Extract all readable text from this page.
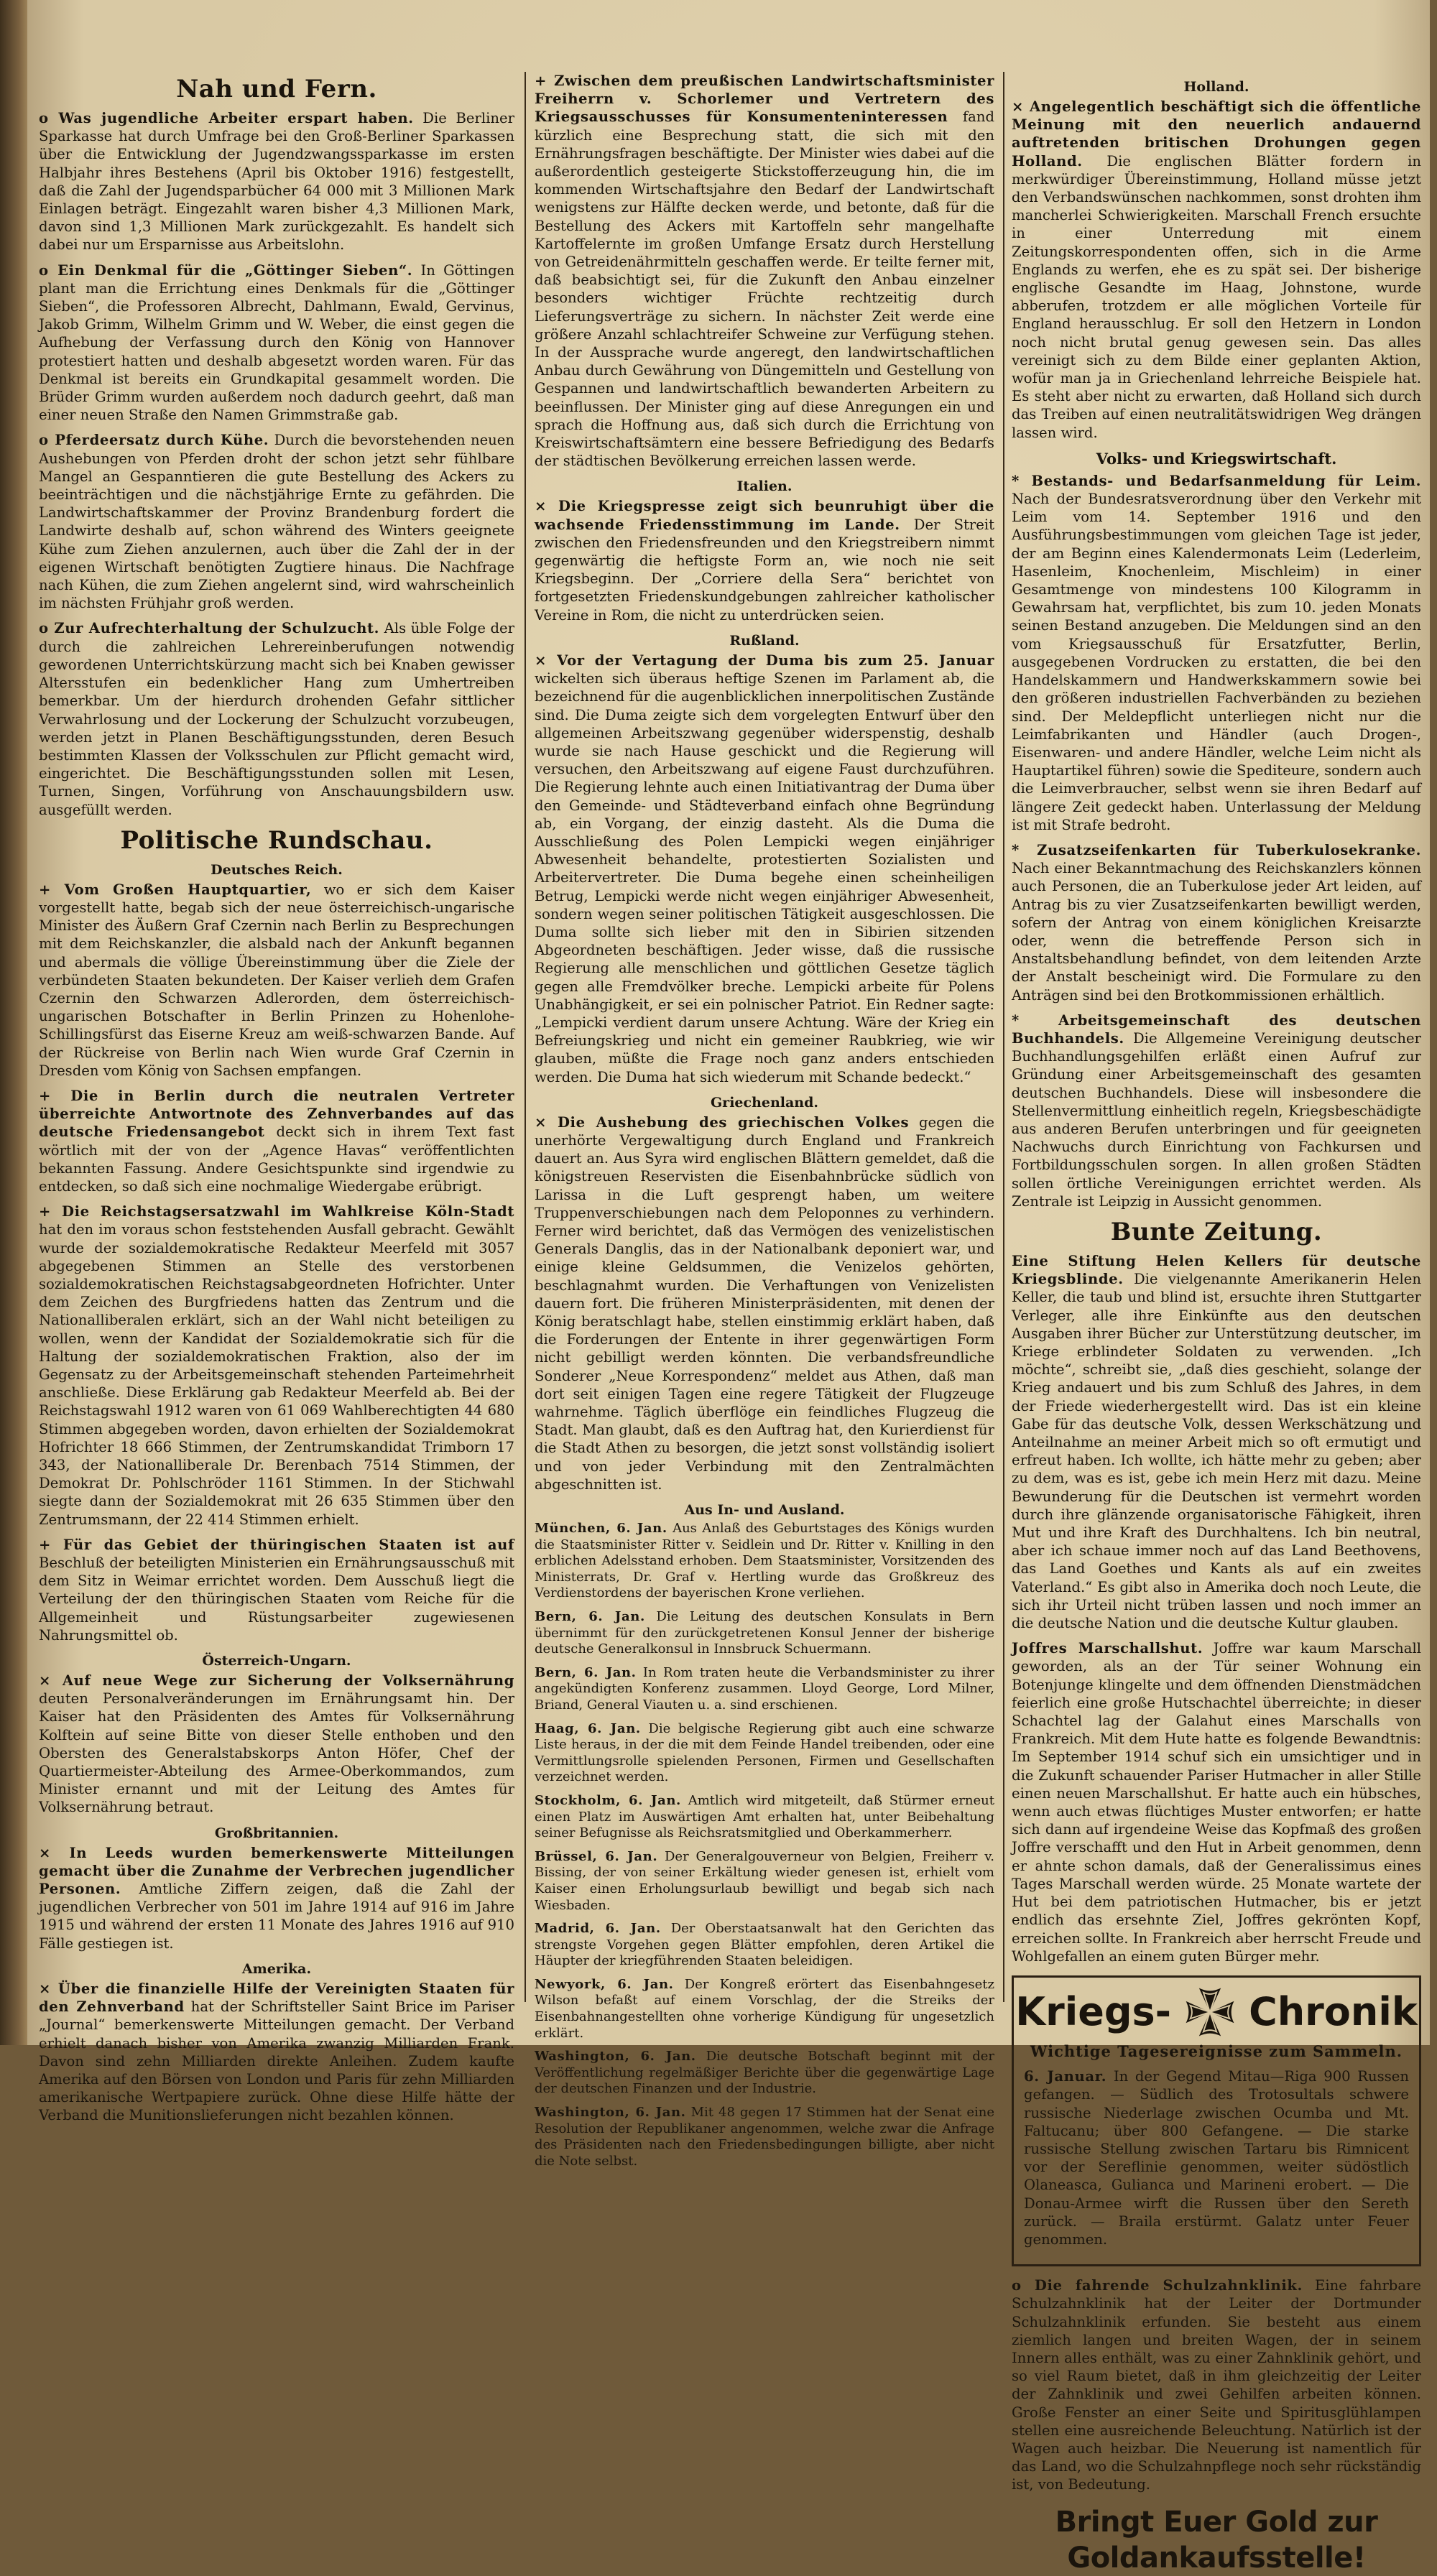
Nah und Fern.

o Was jugendliche Arbeiter erspart haben. Die Berliner Sparkasse hat durch Umfrage bei den Groß-Berliner Sparkassen über die Entwicklung der Jugendzwangssparkasse im ersten Halbjahr ihres Bestehens (April bis Oktober 1916) festgestellt, daß die Zahl der Jugendsparbücher 64 000 mit 3 Millionen Mark Einlagen beträgt. Eingezahlt waren bisher 4,3 Millionen Mark, davon sind 1,3 Millionen Mark zurückgezahlt. Es handelt sich dabei nur um Ersparnisse aus Arbeitslohn.

o Ein Denkmal für die „Göttinger Sieben“. In Göttingen plant man die Errichtung eines Denkmals für die „Göttinger Sieben“, die Professoren Albrecht, Dahlmann, Ewald, Gervinus, Jakob Grimm, Wilhelm Grimm und W. Weber, die einst gegen die Aufhebung der Verfassung durch den König von Hannover protestiert hatten und deshalb abgesetzt worden waren. Für das Denkmal ist bereits ein Grundkapital gesammelt worden. Die Brüder Grimm wurden außerdem noch dadurch geehrt, daß man einer neuen Straße den Namen Grimmstraße gab.

o Pferdeersatz durch Kühe. Durch die bevorstehenden neuen Aushebungen von Pferden droht der schon jetzt sehr fühlbare Mangel an Gespanntieren die gute Bestellung des Ackers zu beeinträchtigen und die nächstjährige Ernte zu gefährden. Die Landwirtschaftskammer der Provinz Brandenburg fordert die Landwirte deshalb auf, schon während des Winters geeignete Kühe zum Ziehen anzulernen, auch über die Zahl der in der eigenen Wirtschaft benötigten Zugtiere hinaus. Die Nachfrage nach Kühen, die zum Ziehen angelernt sind, wird wahrscheinlich im nächsten Frühjahr groß werden.

o Zur Aufrechterhaltung der Schulzucht. Als üble Folge der durch die zahlreichen Lehrereinberufungen notwendig gewordenen Unterrichtskürzung macht sich bei Knaben gewisser Altersstufen ein bedenklicher Hang zum Umhertreiben bemerkbar. Um der hierdurch drohenden Gefahr sittlicher Verwahrlosung und der Lockerung der Schulzucht vorzubeugen, werden jetzt in Planen Beschäftigungsstunden, deren Besuch bestimmten Klassen der Volksschulen zur Pflicht gemacht wird, eingerichtet. Die Beschäftigungsstunden sollen mit Lesen, Turnen, Singen, Vorführung von Anschauungsbildern usw. ausgefüllt werden.

Politische Rundschau.
Deutsches Reich.

+ Vom Großen Hauptquartier, wo er sich dem Kaiser vorgestellt hatte, begab sich der neue österreichisch-ungarische Minister des Äußern Graf Czernin nach Berlin zu Besprechungen mit dem Reichskanzler, die alsbald nach der Ankunft begannen und abermals die völlige Übereinstimmung über die Ziele der verbündeten Staaten bekundeten. Der Kaiser verlieh dem Grafen Czernin den Schwarzen Adlerorden, dem österreichisch-ungarischen Botschafter in Berlin Prinzen zu Hohenlohe-Schillingsfürst das Eiserne Kreuz am weiß-schwarzen Bande. Auf der Rückreise von Berlin nach Wien wurde Graf Czernin in Dresden vom König von Sachsen empfangen.

+ Die in Berlin durch die neutralen Vertreter überreichte Antwortnote des Zehnverbandes auf das deutsche Friedensangebot deckt sich in ihrem Text fast wörtlich mit der von der „Agence Havas“ veröffentlichten bekannten Fassung. Andere Gesichtspunkte sind irgendwie zu entdecken, so daß sich eine nochmalige Wiedergabe erübrigt.

+ Die Reichstagsersatzwahl im Wahlkreise Köln-Stadt hat den im voraus schon feststehenden Ausfall gebracht. Gewählt wurde der sozialdemokratische Redakteur Meerfeld mit 3057 abgegebenen Stimmen an Stelle des verstorbenen sozialdemokratischen Reichstagsabgeordneten Hofrichter. Unter dem Zeichen des Burgfriedens hatten das Zentrum und die Nationalliberalen erklärt, sich an der Wahl nicht beteiligen zu wollen, wenn der Kandidat der Sozialdemokratie sich für die Haltung der sozialdemokratischen Fraktion, also der im Gegensatz zu der Arbeitsgemeinschaft stehenden Parteimehrheit anschließe. Diese Erklärung gab Redakteur Meerfeld ab. Bei der Reichstagswahl 1912 waren von 61 069 Wahlberechtigten 44 680 Stimmen abgegeben worden, davon erhielten der Sozialdemokrat Hofrichter 18 666 Stimmen, der Zentrumskandidat Trimborn 17 343, der Nationalliberale Dr. Berenbach 7514 Stimmen, der Demokrat Dr. Pohlschröder 1161 Stimmen. In der Stichwahl siegte dann der Sozialdemokrat mit 26 635 Stimmen über den Zentrumsmann, der 22 414 Stimmen erhielt.

+ Für das Gebiet der thüringischen Staaten ist auf Beschluß der beteiligten Ministerien ein Ernährungsausschuß mit dem Sitz in Weimar errichtet worden. Dem Ausschuß liegt die Verteilung der den thüringischen Staaten vom Reiche für die Allgemeinheit und Rüstungsarbeiter zugewiesenen Nahrungsmittel ob.

Österreich-Ungarn.

× Auf neue Wege zur Sicherung der Volksernährung deuten Personalveränderungen im Ernährungsamt hin. Der Kaiser hat den Präsidenten des Amtes für Volksernährung Kolftein auf seine Bitte von dieser Stelle enthoben und den Obersten des Generalstabskorps Anton Höfer, Chef der Quartiermeister-Abteilung des Armee-Oberkommandos, zum Minister ernannt und mit der Leitung des Amtes für Volksernährung betraut.

Großbritannien.

× In Leeds wurden bemerkenswerte Mitteilungen gemacht über die Zunahme der Verbrechen jugendlicher Personen. Amtliche Ziffern zeigen, daß die Zahl der jugendlichen Verbrecher von 501 im Jahre 1914 auf 916 im Jahre 1915 und während der ersten 11 Monate des Jahres 1916 auf 910 Fälle gestiegen ist.

Amerika.

× Über die finanzielle Hilfe der Vereinigten Staaten für den Zehnverband hat der Schriftsteller Saint Brice im Pariser „Journal“ bemerkenswerte Mitteilungen gemacht. Der Verband erhielt danach bisher von Amerika zwanzig Milliarden Frank. Davon sind zehn Milliarden direkte Anleihen. Zudem kaufte Amerika auf den Börsen von London und Paris für zehn Milliarden amerikanische Wertpapiere zurück. Ohne diese Hilfe hätte der Verband die Munitionslieferungen nicht bezahlen können.

+ Zwischen dem preußischen Landwirtschaftsminister Freiherrn v. Schorlemer und Vertretern des Kriegsausschusses für Konsumenteninteressen fand kürzlich eine Besprechung statt, die sich mit den Ernährungsfragen beschäftigte. Der Minister wies dabei auf die außerordentlich gesteigerte Stickstofferzeugung hin, die im kommenden Wirtschaftsjahre den Bedarf der Landwirtschaft wenigstens zur Hälfte decken werde, und betonte, daß für die Bestellung des Ackers mit Kartoffeln sehr mangelhafte Kartoffelernte im großen Umfange Ersatz durch Herstellung von Getreidenährmitteln geschaffen werde. Er teilte ferner mit, daß beabsichtigt sei, für die Zukunft den Anbau einzelner besonders wichtiger Früchte rechtzeitig durch Lieferungsverträge zu sichern. In nächster Zeit werde eine größere Anzahl schlachtreifer Schweine zur Verfügung stehen. In der Aussprache wurde angeregt, den landwirtschaftlichen Anbau durch Gewährung von Düngemitteln und Gestellung von Gespannen und landwirtschaftlich bewanderten Arbeitern zu beeinflussen. Der Minister ging auf diese Anregungen ein und sprach die Hoffnung aus, daß sich durch die Errichtung von Kreiswirtschaftsämtern eine bessere Befriedigung des Bedarfs der städtischen Bevölkerung erreichen lassen werde.

Italien.

× Die Kriegspresse zeigt sich beunruhigt über die wachsende Friedensstimmung im Lande. Der Streit zwischen den Friedensfreunden und den Kriegstreibern nimmt gegenwärtig die heftigste Form an, wie noch nie seit Kriegsbeginn. Der „Corriere della Sera“ berichtet von fortgesetzten Friedenskundgebungen zahlreicher katholischer Vereine in Rom, die nicht zu unterdrücken seien.

Rußland.

× Vor der Vertagung der Duma bis zum 25. Januar wickelten sich überaus heftige Szenen im Parlament ab, die bezeichnend für die augenblicklichen innerpolitischen Zustände sind. Die Duma zeigte sich dem vorgelegten Entwurf über den allgemeinen Arbeitszwang gegenüber widerspenstig, deshalb wurde sie nach Hause geschickt und die Regierung will versuchen, den Arbeitszwang auf eigene Faust durchzuführen. Die Regierung lehnte auch einen Initiativantrag der Duma über den Gemeinde- und Städteverband einfach ohne Begründung ab, ein Vorgang, der einzig dasteht. Als die Duma die Ausschließung des Polen Lempicki wegen einjähriger Abwesenheit behandelte, protestierten Sozialisten und Arbeitervertreter. Die Duma begehe einen scheinheiligen Betrug, Lempicki werde nicht wegen einjähriger Abwesenheit, sondern wegen seiner politischen Tätigkeit ausgeschlossen. Die Duma sollte sich lieber mit den in Sibirien sitzenden Abgeordneten beschäftigen. Jeder wisse, daß die russische Regierung alle menschlichen und göttlichen Gesetze täglich gegen alle Fremdvölker breche. Lempicki arbeite für Polens Unabhängigkeit, er sei ein polnischer Patriot. Ein Redner sagte: „Lempicki verdient darum unsere Achtung. Wäre der Krieg ein Befreiungskrieg und nicht ein gemeiner Raubkrieg, wie wir glauben, müßte die Frage noch ganz anders entschieden werden. Die Duma hat sich wiederum mit Schande bedeckt.“

Griechenland.

× Die Aushebung des griechischen Volkes gegen die unerhörte Vergewaltigung durch England und Frankreich dauert an. Aus Syra wird englischen Blättern gemeldet, daß die königstreuen Reservisten die Eisenbahnbrücke südlich von Larissa in die Luft gesprengt haben, um weitere Truppenverschiebungen nach dem Peloponnes zu verhindern. Ferner wird berichtet, daß das Vermögen des venizelistischen Generals Danglis, das in der Nationalbank deponiert war, und einige kleine Geldsummen, die Venizelos gehörten, beschlagnahmt wurden. Die Verhaftungen von Venizelisten dauern fort. Die früheren Ministerpräsidenten, mit denen der König beratschlagt habe, stellen einstimmig erklärt haben, daß die Forderungen der Entente in ihrer gegenwärtigen Form nicht gebilligt werden könnten. Die verbandsfreundliche Sonderer „Neue Korrespondenz“ meldet aus Athen, daß man dort seit einigen Tagen eine regere Tätigkeit der Flugzeuge wahrnehme. Täglich überflöge ein feindliches Flugzeug die Stadt. Man glaubt, daß es den Auftrag hat, den Kurierdienst für die Stadt Athen zu besorgen, die jetzt sonst vollständig isoliert und von jeder Verbindung mit den Zentralmächten abgeschnitten ist.

Aus In- und Ausland.

München, 6. Jan. Aus Anlaß des Geburtstages des Königs wurden die Staatsminister Ritter v. Seidlein und Dr. Ritter v. Knilling in den erblichen Adelsstand erhoben. Dem Staatsminister, Vorsitzenden des Ministerrats, Dr. Graf v. Hertling wurde das Großkreuz des Verdienstordens der bayerischen Krone verliehen.

Bern, 6. Jan. Die Leitung des deutschen Konsulats in Bern übernimmt für den zurückgetretenen Konsul Jenner der bisherige deutsche Generalkonsul in Innsbruck Schuermann.

Bern, 6. Jan. In Rom traten heute die Verbandsminister zu ihrer angekündigten Konferenz zusammen. Lloyd George, Lord Milner, Briand, General Viauten u. a. sind erschienen.

Haag, 6. Jan. Die belgische Regierung gibt auch eine schwarze Liste heraus, in der die mit dem Feinde Handel treibenden, oder eine Vermittlungsrolle spielenden Personen, Firmen und Gesellschaften verzeichnet werden.

Stockholm, 6. Jan. Amtlich wird mitgeteilt, daß Stürmer erneut einen Platz im Auswärtigen Amt erhalten hat, unter Beibehaltung seiner Befugnisse als Reichsratsmitglied und Oberkammerherr.

Brüssel, 6. Jan. Der Generalgouverneur von Belgien, Freiherr v. Bissing, der von seiner Erkältung wieder genesen ist, erhielt vom Kaiser einen Erholungsurlaub bewilligt und begab sich nach Wiesbaden.

Madrid, 6. Jan. Der Oberstaatsanwalt hat den Gerichten das strengste Vorgehen gegen Blätter empfohlen, deren Artikel die Häupter der kriegführenden Staaten beleidigen.

Newyork, 6. Jan. Der Kongreß erörtert das Eisenbahngesetz Wilson befaßt auf einem Vorschlag, der die Streiks der Eisenbahnangestellten ohne vorherige Kündigung für ungesetzlich erklärt.

Washington, 6. Jan. Die deutsche Botschaft beginnt mit der Veröffentlichung regelmäßiger Berichte über die gegenwärtige Lage der deutschen Finanzen und der Industrie.

Washington, 6. Jan. Mit 48 gegen 17 Stimmen hat der Senat eine Resolution der Republikaner angenommen, welche zwar die Anfrage des Präsidenten nach den Friedensbedingungen billigte, aber nicht die Note selbst.

Holland.

× Angelegentlich beschäftigt sich die öffentliche Meinung mit den neuerlich andauernd auftretenden britischen Drohungen gegen Holland. Die englischen Blätter fordern in merkwürdiger Übereinstimmung, Holland müsse jetzt den Verbandswünschen nachkommen, sonst drohten ihm mancherlei Schwierigkeiten. Marschall French ersuchte in einer Unterredung mit einem Zeitungskorrespondenten offen, sich in die Arme Englands zu werfen, ehe es zu spät sei. Der bisherige englische Gesandte im Haag, Johnstone, wurde abberufen, trotzdem er alle möglichen Vorteile für England herausschlug. Er soll den Hetzern in London noch nicht brutal genug gewesen sein. Das alles vereinigt sich zu dem Bilde einer geplanten Aktion, wofür man ja in Griechenland lehrreiche Beispiele hat. Es steht aber nicht zu erwarten, daß Holland sich durch das Treiben auf einen neutralitätswidrigen Weg drängen lassen wird.

Volks- und Kriegswirtschaft.

* Bestands- und Bedarfsanmeldung für Leim. Nach der Bundesratsverordnung über den Verkehr mit Leim vom 14. September 1916 und den Ausführungsbestimmungen vom gleichen Tage ist jeder, der am Beginn eines Kalendermonats Leim (Lederleim, Hasenleim, Knochenleim, Mischleim) in einer Gesamtmenge von mindestens 100 Kilogramm in Gewahrsam hat, verpflichtet, bis zum 10. jeden Monats seinen Bestand anzugeben. Die Meldungen sind an den vom Kriegsausschuß für Ersatzfutter, Berlin, ausgegebenen Vordrucken zu erstatten, die bei den Handelskammern und Handwerkskammern sowie bei den größeren industriellen Fachverbänden zu beziehen sind. Der Meldepflicht unterliegen nicht nur die Leimfabrikanten und Händler (auch Drogen-, Eisenwaren- und andere Händler, welche Leim nicht als Hauptartikel führen) sowie die Spediteure, sondern auch die Leimverbraucher, selbst wenn sie ihren Bedarf auf längere Zeit gedeckt haben. Unterlassung der Meldung ist mit Strafe bedroht.

* Zusatzseifenkarten für Tuberkulosekranke. Nach einer Bekanntmachung des Reichskanzlers können auch Personen, die an Tuberkulose jeder Art leiden, auf Antrag bis zu vier Zusatzseifenkarten bewilligt werden, sofern der Antrag von einem königlichen Kreisarzte oder, wenn die betreffende Person sich in Anstaltsbehandlung befindet, von dem leitenden Arzte der Anstalt bescheinigt wird. Die Formulare zu den Anträgen sind bei den Brotkommissionen erhältlich.

* Arbeitsgemeinschaft des deutschen Buchhandels. Die Allgemeine Vereinigung deutscher Buchhandlungsgehilfen erläßt einen Aufruf zur Gründung einer Arbeitsgemeinschaft des gesamten deutschen Buchhandels. Diese will insbesondere die Stellenvermittlung einheitlich regeln, Kriegsbeschädigte aus anderen Berufen unterbringen und für geeigneten Nachwuchs durch Einrichtung von Fachkursen und Fortbildungsschulen sorgen. In allen großen Städten sollen örtliche Vereinigungen errichtet werden. Als Zentrale ist Leipzig in Aussicht genommen.

Bunte Zeitung.

Eine Stiftung Helen Kellers für deutsche Kriegsblinde. Die vielgenannte Amerikanerin Helen Keller, die taub und blind ist, ersuchte ihren Stuttgarter Verleger, alle ihre Einkünfte aus den deutschen Ausgaben ihrer Bücher zur Unterstützung deutscher, im Kriege erblindeter Soldaten zu verwenden. „Ich möchte“, schreibt sie, „daß dies geschieht, solange der Krieg andauert und bis zum Schluß des Jahres, in dem der Friede wiederhergestellt wird. Das ist ein kleine Gabe für das deutsche Volk, dessen Werkschätzung und Anteilnahme an meiner Arbeit mich so oft ermutigt und erfreut haben. Ich wollte, ich hätte mehr zu geben; aber zu dem, was es ist, gebe ich mein Herz mit dazu. Meine Bewunderung für die Deutschen ist vermehrt worden durch ihre glänzende organisatorische Fähigkeit, ihren Mut und ihre Kraft des Durchhaltens. Ich bin neutral, aber ich schaue immer noch auf das Land Beethovens, das Land Goethes und Kants als auf ein zweites Vaterland.“ Es gibt also in Amerika doch noch Leute, die sich ihr Urteil nicht trüben lassen und noch immer an die deutsche Nation und die deutsche Kultur glauben.

Joffres Marschallshut. Joffre war kaum Marschall geworden, als an der Tür seiner Wohnung ein Botenjunge klingelte und dem öffnenden Dienstmädchen feierlich eine große Hutschachtel überreichte; in dieser Schachtel lag der Galahut eines Marschalls von Frankreich. Mit dem Hute hatte es folgende Bewandtnis: Im September 1914 schuf sich ein umsichtiger und in die Zukunft schauender Pariser Hutmacher in aller Stille einen neuen Marschallshut. Er hatte auch ein hübsches, wenn auch etwas flüchtiges Muster entworfen; er hatte sich dann auf irgendeine Weise das Kopfmaß des großen Joffre verschafft und den Hut in Arbeit genommen, denn er ahnte schon damals, daß der Generalissimus eines Tages Marschall werden würde. 25 Monate wartete der Hut bei dem patriotischen Hutmacher, bis er jetzt endlich das ersehnte Ziel, Joffres gekrönten Kopf, erreichen sollte. In Frankreich aber herrscht Freude und Wohlgefallen an einem guten Bürger mehr.

Kriegs- Chronik
Wichtige Tagesereignisse zum Sammeln.

6. Januar. In der Gegend Mitau—Riga 900 Russen gefangen. — Südlich des Trotosultals schwere russische Niederlage zwischen Ocumba und Mt. Faltucanu; über 800 Gefangene. — Die starke russische Stellung zwischen Tartaru bis Rimnicent vor der Sereflinie genommen, weiter südöstlich Olaneasca, Gulianca und Marineni erobert. — Die Donau-Armee wirft die Russen über den Sereth zurück. — Braila erstürmt. Galatz unter Feuer genommen.

o Die fahrende Schulzahnklinik. Eine fahrbare Schulzahnklinik hat der Leiter der Dortmunder Schulzahnklinik erfunden. Sie besteht aus einem ziemlich langen und breiten Wagen, der in seinem Innern alles enthält, was zu einer Zahnklinik gehört, und so viel Raum bietet, daß in ihm gleichzeitig der Leiter der Zahnklinik und zwei Gehilfen arbeiten können. Große Fenster an einer Seite und Spiritusglühlampen stellen eine ausreichende Beleuchtung. Natürlich ist der Wagen auch heizbar. Die Neuerung ist namentlich für das Land, wo die Schulzahnpflege noch sehr rückständig ist, von Bedeutung.

Bringt Euer Gold zur Goldankaufsstelle!
